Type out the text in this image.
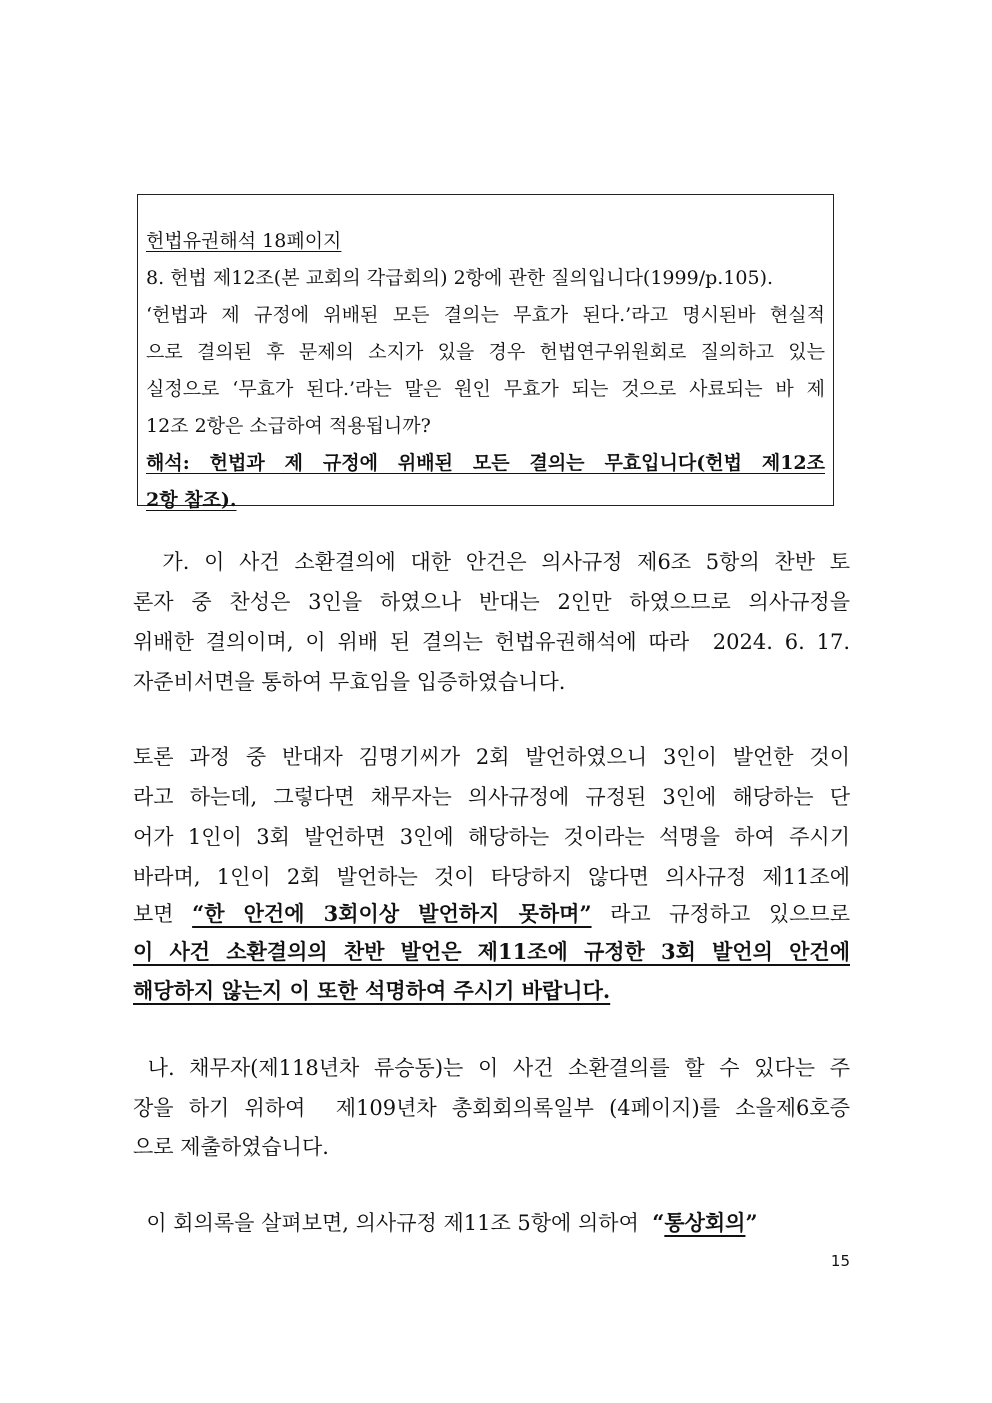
헌법유권해석 18페이지
8. 헌법 제12조(본 교회의 각급회의) 2항에 관한 질의입니다(1999/p.105).
‘헌법과 제 규정에 위배된 모든 결의는 무효가 된다.’라고 명시된바 현실적
으로 결의된 후 문제의 소지가 있을 경우 헌법연구위원회로 질의하고 있는
실정으로 ‘무효가 된다.’라는 말은 원인 무효가 되는 것으로 사료되는 바 제
12조 2항은 소급하여 적용됩니까?
해석: 헌법과 제 규정에 위배된 모든 결의는 무효입니다(헌법 제12조
2항 참조).
가. 이 사건 소환결의에 대한 안건은 의사규정 제6조 5항의 찬반 토
론자 중 찬성은 3인을 하였으나 반대는 2인만 하였으므로 의사규정을
위배한 결의이며, 이 위배 된 결의는 헌법유권해석에 따라  2024. 6. 17.
자준비서면을 통하여 무효임을 입증하였습니다.
토론 과정 중 반대자 김명기씨가 2회 발언하였으니 3인이 발언한 것이
라고 하는데, 그렇다면 채무자는 의사규정에 규정된 3인에 해당하는 단
어가 1인이 3회 발언하면 3인에 해당하는 것이라는 석명을 하여 주시기
바라며, 1인이 2회 발언하는 것이 타당하지 않다면 의사규정 제11조에
보면 “한 안건에 3회이상 발언하지 못하며” 라고 규정하고 있으므로
이 사건 소환결의의 찬반 발언은 제11조에 규정한 3회 발언의 안건에
해당하지 않는지 이 또한 석명하여 주시기 바랍니다.
나. 채무자(제118년차 류승동)는 이 사건 소환결의를 할 수 있다는 주
장을 하기 위하여  제109년차 총회회의록일부 (4페이지)를 소을제6호증
으로 제출하였습니다.
이 회의록을 살펴보면, 의사규정 제11조 5항에 의하여  “통상회의”
15
